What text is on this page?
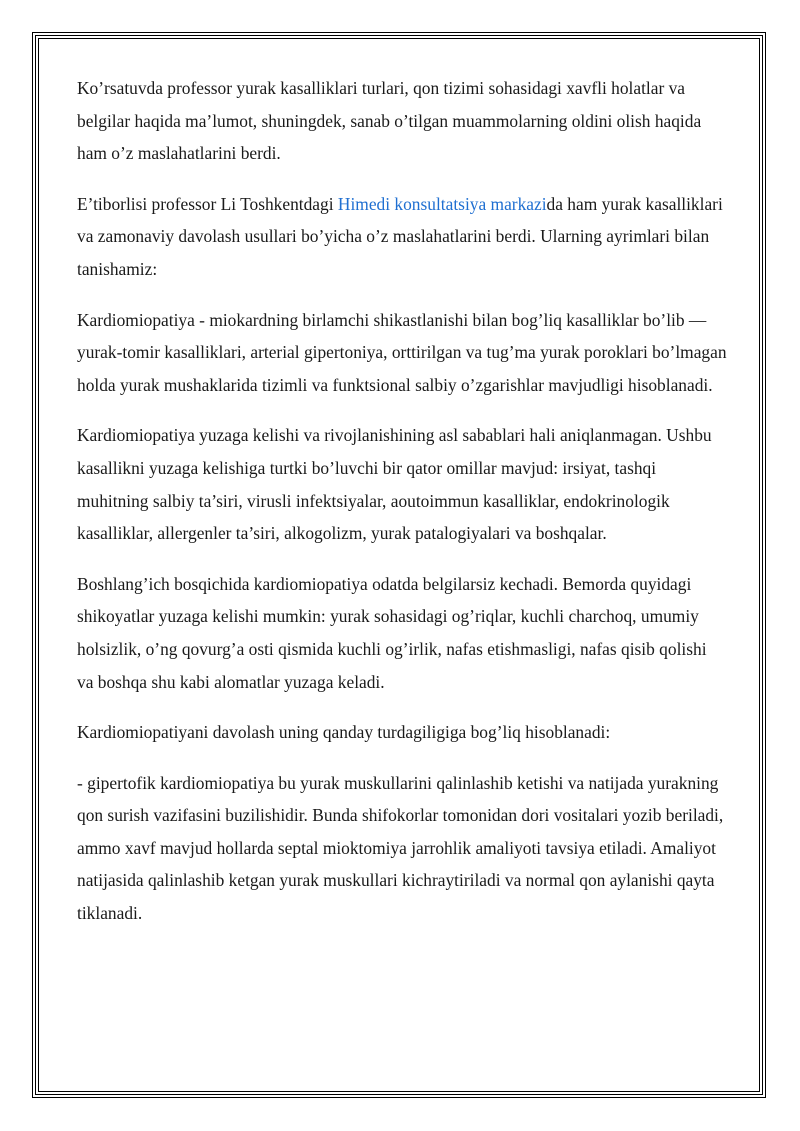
Ko’rsatuvda professor yurak kasalliklari turlari, qon tizimi sohasidagi xavfli holatlar va belgilar haqida ma’lumot, shuningdek, sanab o’tilgan muammolarning oldini olish haqida ham o’z maslahatlarini berdi.

E’tiborlisi professor Li Toshkentdagi Himedi konsultatsiya markazida ham yurak kasalliklari va zamonaviy davolash usullari bo’yicha o’z maslahatlarini berdi. Ularning ayrimlari bilan tanishamiz:

Kardiomiopatiya - miokardning birlamchi shikastlanishi bilan bog’liq kasalliklar bo’lib — yurak-tomir kasalliklari, arterial gipertoniya, orttirilgan va tug’ma yurak poroklari bo’lmagan holda yurak mushaklarida tizimli va funktsional salbiy o’zgarishlar mavjudligi hisoblanadi.

Kardiomiopatiya yuzaga kelishi va rivojlanishining asl sabablari hali aniqlanmagan. Ushbu kasallikni yuzaga kelishiga turtki bo’luvchi bir qator omillar mavjud: irsiyat, tashqi muhitning salbiy ta’siri, virusli infektsiyalar, aoutoimmun kasalliklar, endokrinologik kasalliklar, allergenler ta’siri, alkogolizm, yurak patalogiyalari va boshqalar.

Boshlang’ich bosqichida kardiomiopatiya odatda belgilarsiz kechadi. Bemorda quyidagi shikoyatlar yuzaga kelishi mumkin: yurak sohasidagi og’riqlar, kuchli charchoq, umumiy holsizlik, o’ng qovurg’a osti qismida kuchli og’irlik, nafas etishmasligi, nafas qisib qolishi va boshqa shu kabi alomatlar yuzaga keladi.

Kardiomiopatiyani davolash uning qanday turdagiligiga bog’liq hisoblanadi:

- gipertofik kardiomiopatiya bu yurak muskullarini qalinlashib ketishi va natijada yurakning qon surish vazifasini buzilishidir. Bunda shifokorlar tomonidan dori vositalari yozib beriladi, ammo xavf mavjud hollarda septal mioktomiya jarrohlik amaliyoti tavsiya etiladi. Amaliyot natijasida qalinlashib ketgan yurak muskullari kichraytiriladi va normal qon aylanishi qayta tiklanadi.
